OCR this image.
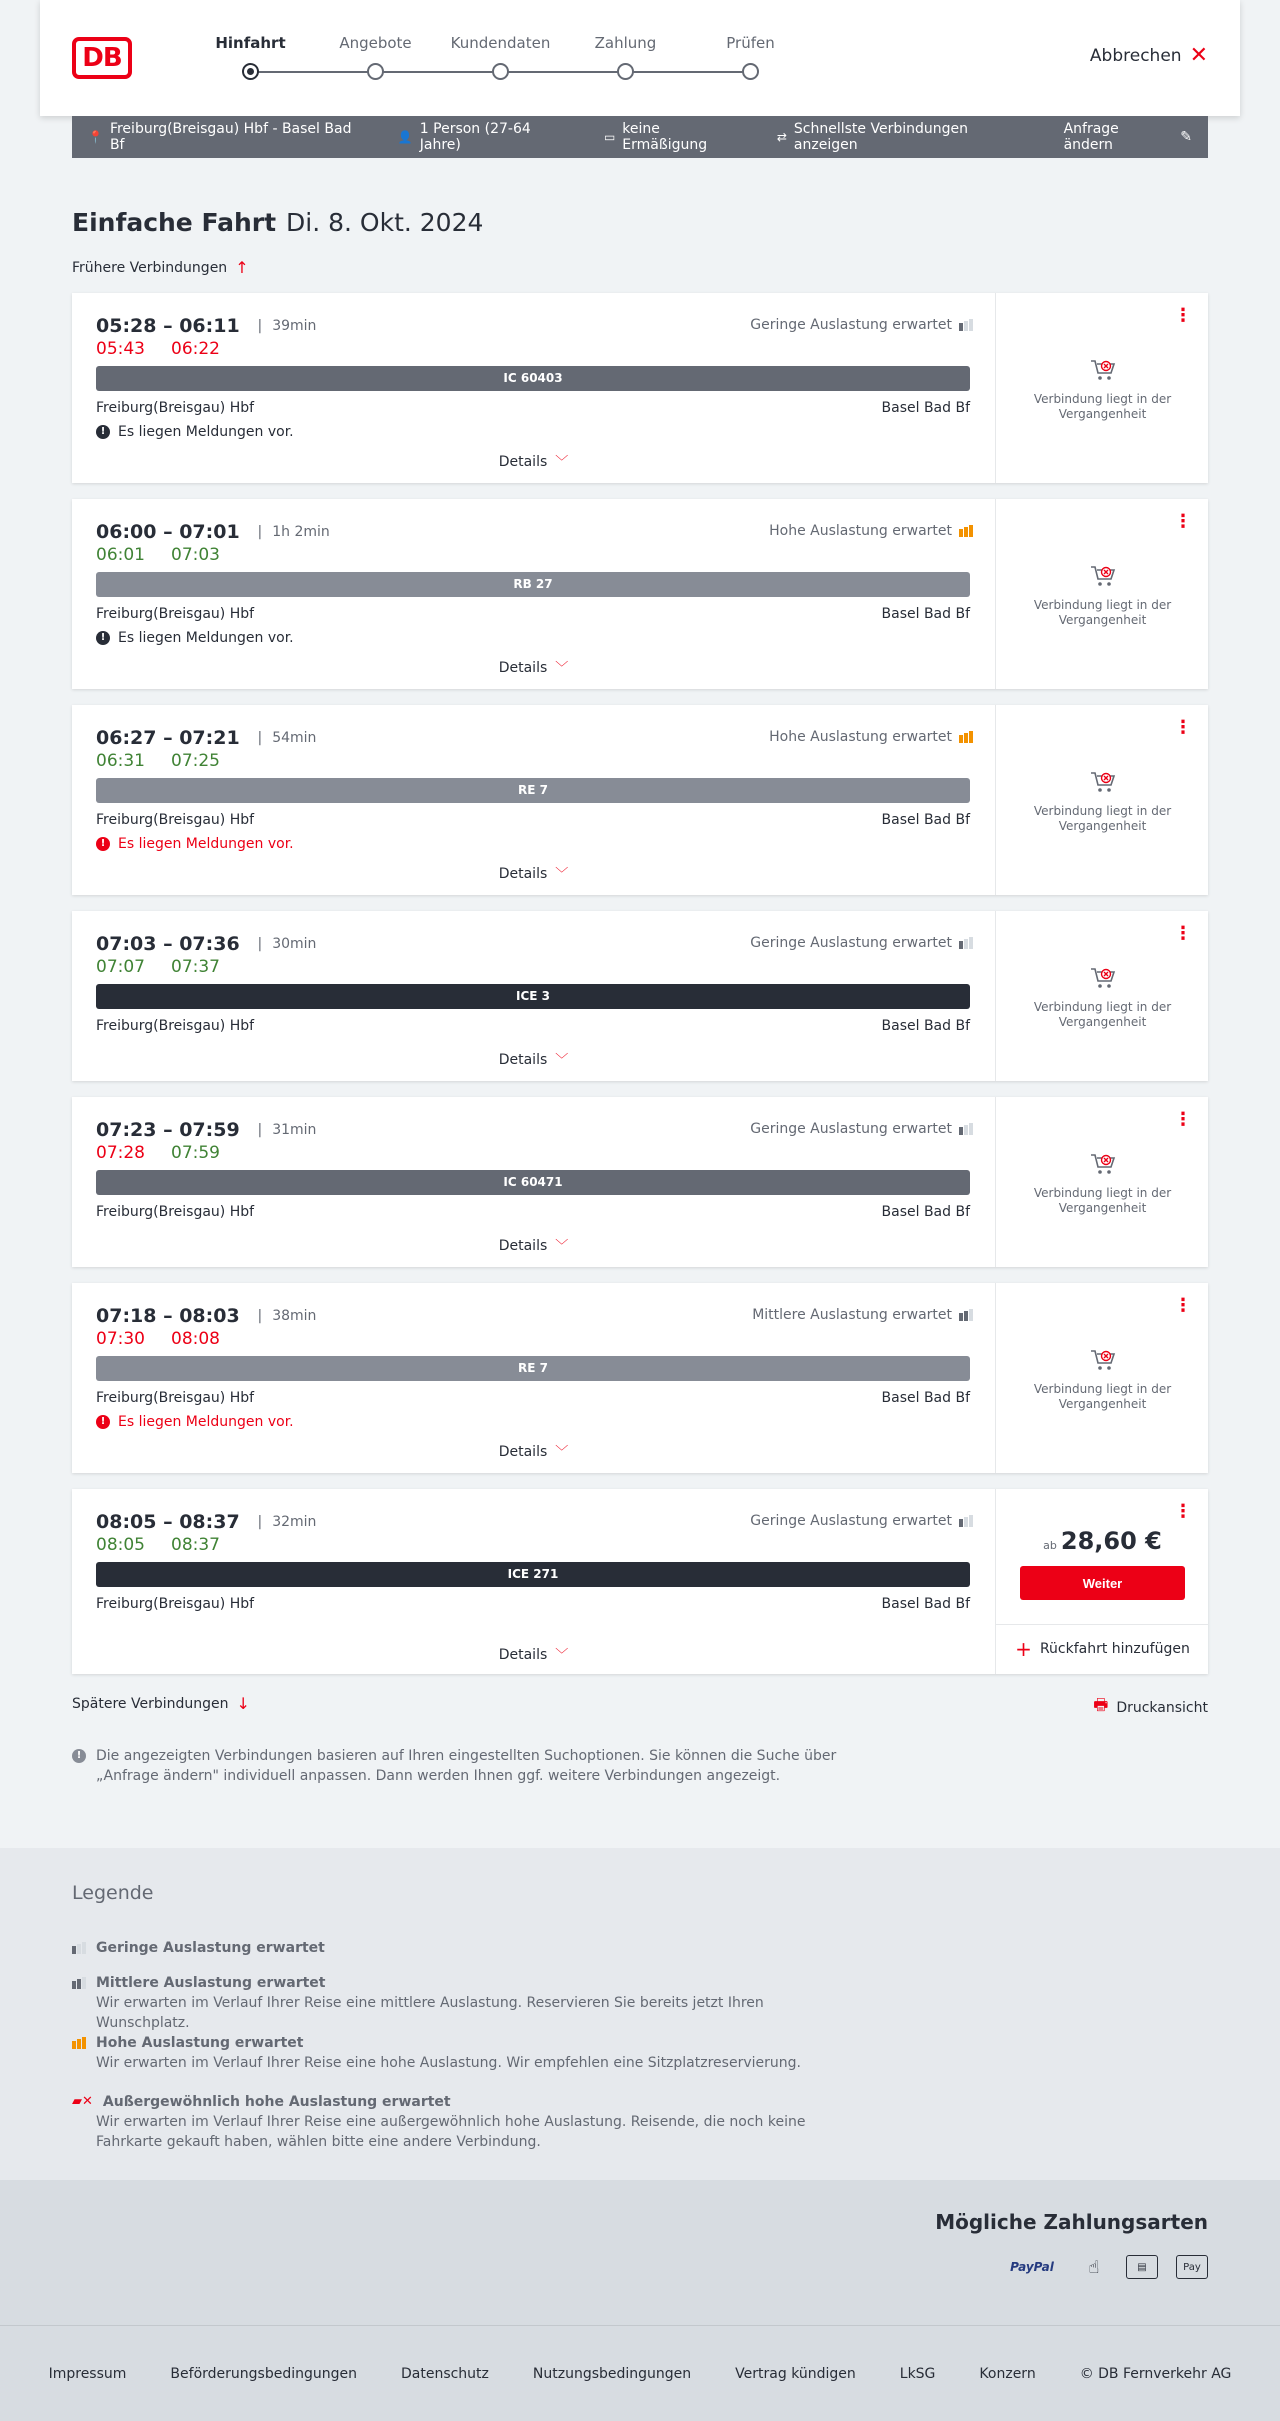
DB	Hinfahrt	Angebote	Kundendaten	Zahlung	Prüfen
Abbrechen ✕
📍 Freiburg(Breisgau) Hbf - Basel Bad Bf	👤 1 Person (27-64 Jahre)	▭ keine Ermäßigung	⇄ Schnellste Verbindungen anzeigen
Anfrage ändern	✎
Einfache Fahrt Di. 8. Okt. 2024
Frühere Verbindungen ↑
05:28 – 06:11	| 39min
05:43 06:22
Geringe Auslastung erwartet
IC 60403
Freiburg(Breisgau) Hbf	Basel Bad Bf
! Es liegen Meldungen vor.
Details ﹀
⋮
Verbindung liegt in der Vergangenheit
06:00 – 07:01	| 1h 2min
06:01 07:03
Hohe Auslastung erwartet
RB 27
Freiburg(Breisgau) Hbf	Basel Bad Bf
! Es liegen Meldungen vor.
Details ﹀
⋮
Verbindung liegt in der Vergangenheit
06:27 – 07:21	| 54min
06:31 07:25
Hohe Auslastung erwartet
RE 7
Freiburg(Breisgau) Hbf	Basel Bad Bf
! Es liegen Meldungen vor.
Details ﹀
⋮
Verbindung liegt in der Vergangenheit
07:03 – 07:36	| 30min
07:07 07:37
Geringe Auslastung erwartet
ICE 3
Freiburg(Breisgau) Hbf	Basel Bad Bf
Details ﹀
⋮
Verbindung liegt in der Vergangenheit
07:23 – 07:59	| 31min
07:28 07:59
Geringe Auslastung erwartet
IC 60471
Freiburg(Breisgau) Hbf	Basel Bad Bf
Details ﹀
⋮
Verbindung liegt in der Vergangenheit
07:18 – 08:03	| 38min
07:30 08:08
Mittlere Auslastung erwartet
RE 7
Freiburg(Breisgau) Hbf	Basel Bad Bf
! Es liegen Meldungen vor.
Details ﹀
⋮
Verbindung liegt in der Vergangenheit
08:05 – 08:37	| 32min
08:05 08:37
Geringe Auslastung erwartet
ICE 271
Freiburg(Breisgau) Hbf	Basel Bad Bf
Details ﹀
⋮
ab 28,60 €
Weiter
+ Rückfahrt hinzufügen
Spätere Verbindungen ↓	🖶 Druckansicht
!	Die angezeigten Verbindungen basieren auf Ihren eingestellten Suchoptionen. Sie können die Suche über „Anfrage ändern" individuell anpassen. Dann werden Ihnen ggf. weitere Verbindungen angezeigt.
Legende
Geringe Auslastung erwartet
Mittlere Auslastung erwartet
Wir erwarten im Verlauf Ihrer Reise eine mittlere Auslastung. Reservieren Sie bereits jetzt Ihren Wunschplatz.
Hohe Auslastung erwartet
Wir erwarten im Verlauf Ihrer Reise eine hohe Auslastung. Wir empfehlen eine Sitzplatzreservierung.
▰✕ Außergewöhnlich hohe Auslastung erwartet
Wir erwarten im Verlauf Ihrer Reise eine außergewöhnlich hohe Auslastung. Reisende, die noch keine Fahrkarte gekauft haben, wählen bitte eine andere Verbindung.
Mögliche Zahlungsarten
PayPal	☝	▤	Pay
Impressum	Beförderungsbedingungen	Datenschutz	Nutzungsbedingungen	Vertrag kündigen	LkSG	Konzern	© DB Fernverkehr AG
